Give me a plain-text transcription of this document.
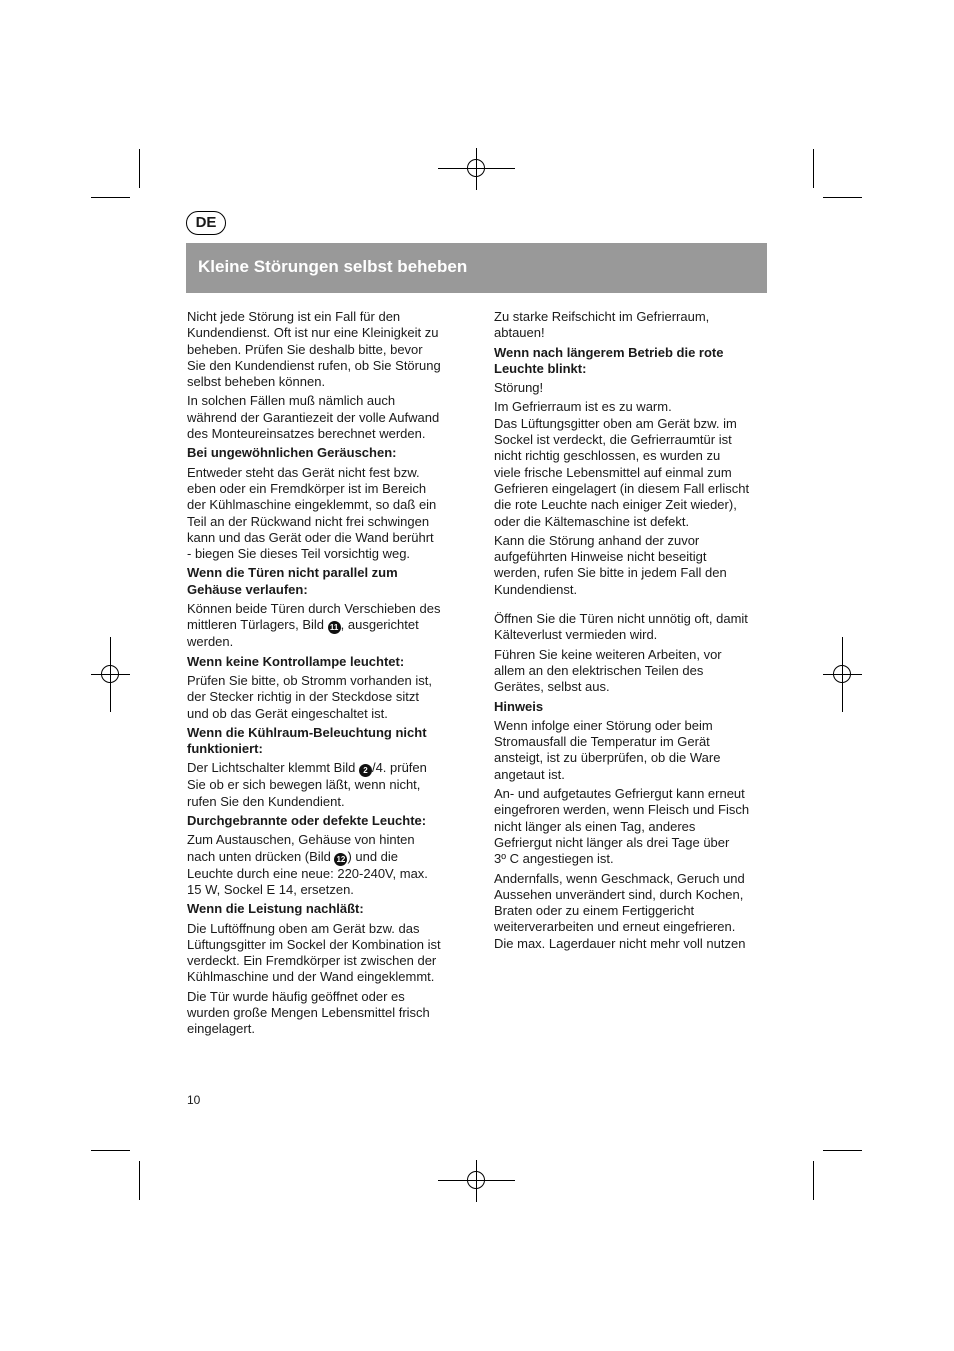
DE
Kleine Störungen selbst beheben

Nicht jede Störung ist ein Fall für den
Kundendienst. Oft ist nur eine Kleinigkeit zu
beheben. Prüfen Sie deshalb bitte, bevor
Sie den Kundendienst rufen, ob Sie Störung
selbst beheben können.

In solchen Fällen muß nämlich auch
während der Garantiezeit der volle Aufwand
des Monteureinsatzes berechnet werden.

Bei ungewöhnlichen Geräuschen:

Entweder steht das Gerät nicht fest bzw.
eben oder ein Fremdkörper ist im Bereich
der Kühlmaschine eingeklemmt, so daß ein
Teil an der Rückwand nicht frei schwingen
kann und das Gerät oder die Wand berührt
- biegen Sie dieses Teil vorsichtig weg.

Wenn die Türen nicht parallel zum
Gehäuse verlaufen:

Können beide Türen durch Verschieben des
mittleren Türlagers, Bild 11 , ausgerichtet
werden.

Wenn keine Kontrollampe leuchtet:

Prüfen Sie bitte, ob Stromm vorhanden ist,
der Stecker richtig in der Steckdose sitzt
und ob das Gerät eingeschaltet ist.

Wenn die Kühlraum-Beleuchtung nicht
funktioniert:

Der Lichtschalter klemmt Bild 2 /4. prüfen
Sie ob er sich bewegen läßt, wenn nicht,
rufen Sie den Kundendient.

Durchgebrannte oder defekte Leuchte:

Zum Austauschen, Gehäuse von hinten
nach unten drücken (Bild 12 ) und die
Leuchte durch eine neue: 220-240V, max.
15 W, Sockel E 14, ersetzen.

Wenn die Leistung nachläßt:

Die Luftöffnung oben am Gerät bzw. das
Lüftungsgitter im Sockel der Kombination ist
verdeckt. Ein Fremdkörper ist zwischen der
Kühlmaschine und der Wand eingeklemmt.

Die Tür wurde häufig geöffnet oder es
wurden große Mengen Lebensmittel frisch
eingelagert.

Zu starke Reifschicht im Gefrierraum,
abtauen!

Wenn nach längerem Betrieb die rote
Leuchte blinkt:

Störung!

Im Gefrierraum ist es zu warm.
Das Lüftungsgitter oben am Gerät bzw. im
Sockel ist verdeckt, die Gefrierraumtür ist
nicht richtig geschlossen, es wurden zu
viele frische Lebensmittel auf einmal zum
Gefrieren eingelagert (in diesem Fall erlischt
die rote Leuchte nach einiger Zeit wieder),
oder die Kältemaschine ist defekt.

Kann die Störung anhand der zuvor
aufgeführten Hinweise nicht beseitigt
werden, rufen Sie bitte in jedem Fall den
Kundendienst.

Öffnen Sie die Türen nicht unnötig oft, damit
Kälteverlust vermieden wird.

Führen Sie keine weiteren Arbeiten, vor
allem an den elektrischen Teilen des
Gerätes, selbst aus.

Hinweis

Wenn infolge einer Störung oder beim
Stromausfall die Temperatur im Gerät
ansteigt, ist zu überprüfen, ob die Ware
angetaut ist.

An- und aufgetautes Gefriergut kann erneut
eingefroren werden, wenn Fleisch und Fisch
nicht länger als einen Tag, anderes
Gefriergut nicht länger als drei Tage über
3º C angestiegen ist.

Andernfalls, wenn Geschmack, Geruch und
Aussehen unverändert sind, durch Kochen,
Braten oder zu einem Fertiggericht
weiterverarbeiten und erneut eingefrieren.
Die max. Lagerdauer nicht mehr voll nutzen

10
